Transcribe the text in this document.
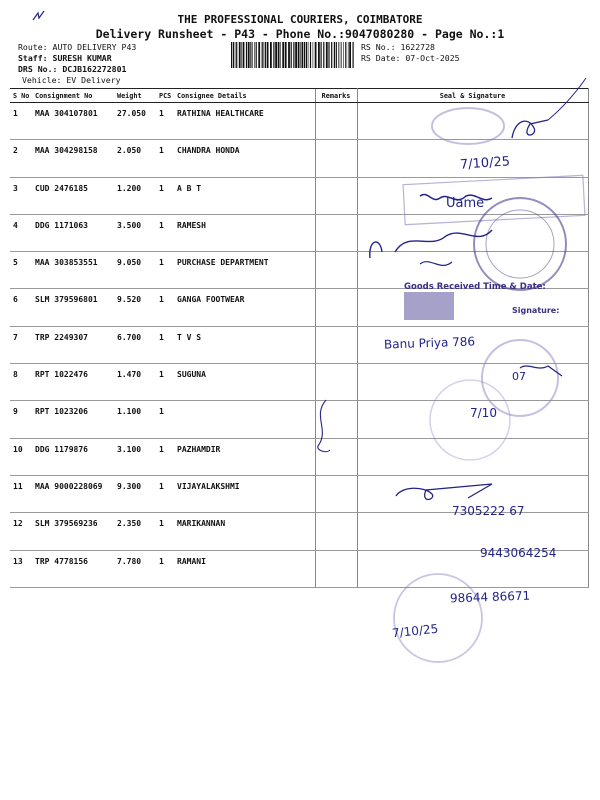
THE PROFESSIONAL COURIERS, COIMBATORE
Delivery Runsheet - P43 - Phone No.:9047080280 - Page No.:1
Route: AUTO DELIVERY P43
Staff: SURESH KUMAR
DRS No.: DCJB162272801
Vehicle: EV Delivery
RS No.: 1622728
RS Date: 07-Oct-2025
S No	Consignment No	Weight	PCS	Consignee Details	Remarks	Seal & Signature
1	MAA 304107801	27.050	1	RATHINA HEALTHCARE		
2	MAA 304298158	2.050	1	CHANDRA HONDA		
3	CUD 2476185	1.200	1	A B T		
4	DDG 1171063	3.500	1	RAMESH		
5	MAA 303853551	9.050	1	PURCHASE DEPARTMENT		
6	SLM 379596801	9.520	1	GANGA FOOTWEAR		
7	TRP 2249307	6.700	1	T V S		
8	RPT 1022476	1.470	1	SUGUNA		
9	RPT 1023206	1.100	1			
10	DDG 1179876	3.100	1	PAZHAMDIR		
11	MAA 9000228069	9.300	1	VIJAYALAKSHMI		
12	SLM 379569236	2.350	1	MARIKANNAN		
13	TRP 4778156	7.780	1	RAMANI		
Goods Received Time & Date:
Signature:
7/10/25
Uame
Banu Priya 786
07
7/10
7305222 67
9443064254
98644 86671
7/10/25
